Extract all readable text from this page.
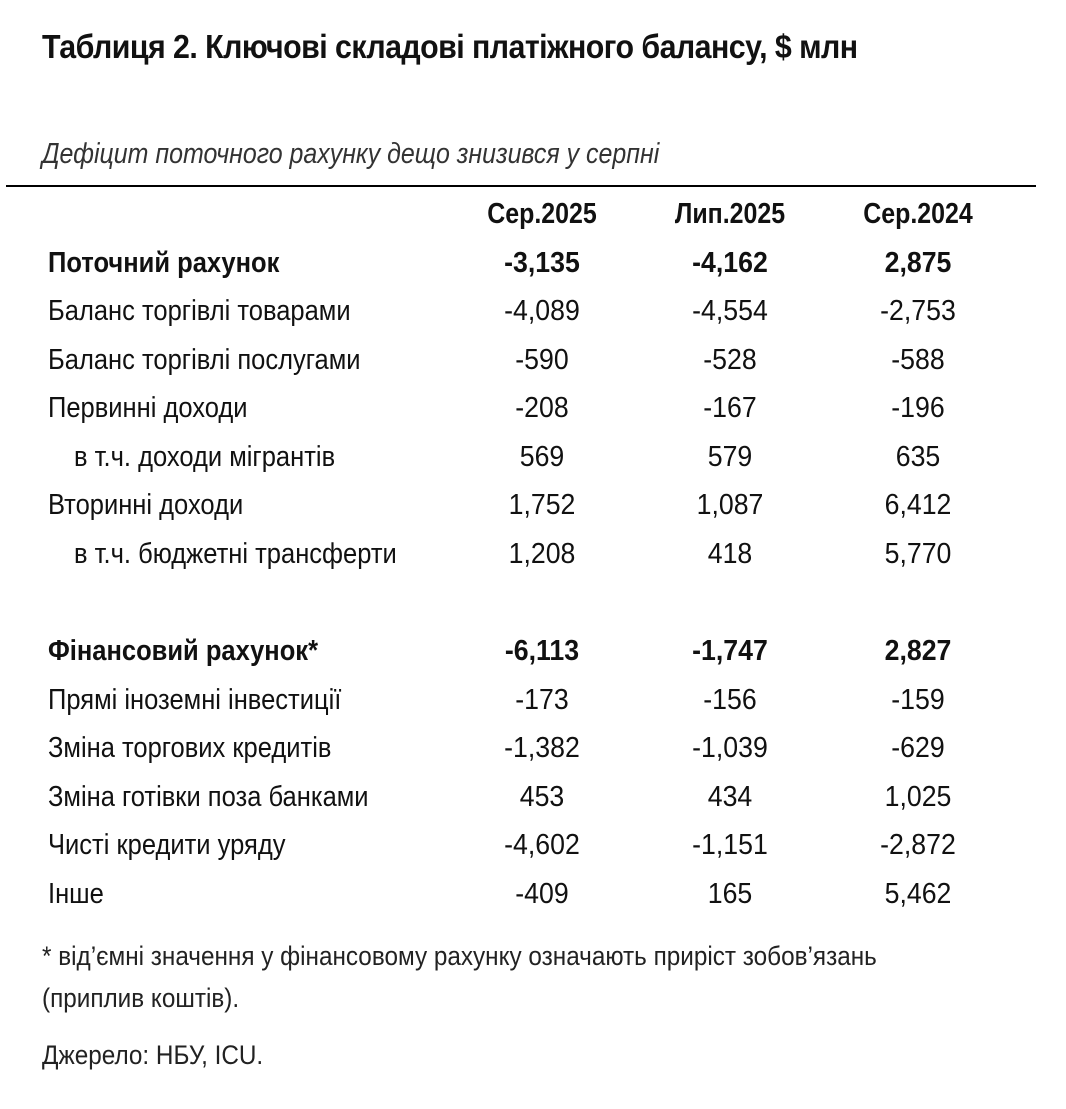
Таблиця 2. Ключові складові платіжного балансу, $ млн
Дефіцит поточного рахунку дещо знизився у серпні
Сер.2025	Лип.2025	Сер.2024
Поточний рахунок	-3,135	-4,162	2,875
Баланс торгівлі товарами	-4,089	-4,554	-2,753
Баланс торгівлі послугами	-590	-528	-588
Первинні доходи	-208	-167	-196
в т.ч. доходи мігрантів	569	579	635
Вторинні доходи	1,752	1,087	6,412
в т.ч. бюджетні трансферти	1,208	418	5,770
Фінансовий рахунок*	-6,113	-1,747	2,827
Прямі іноземні інвестиції	-173	-156	-159
Зміна торгових кредитів	-1,382	-1,039	-629
Зміна готівки поза банками	453	434	1,025
Чисті кредити уряду	-4,602	-1,151	-2,872
Інше	-409	165	5,462
* від’ємні значення у фінансовому рахунку означають приріст зобов’язань (приплив коштів).
Джерело: НБУ, ICU.
